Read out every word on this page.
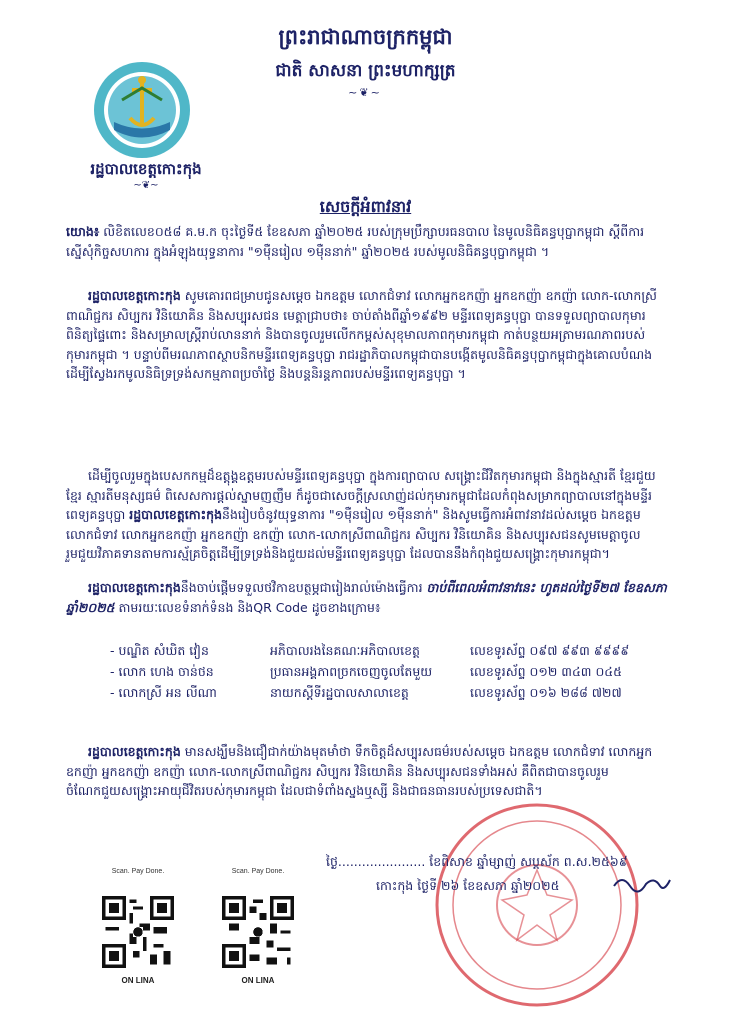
ព្រះរាជាណាចក្រកម្ពុជា
ជាតិ សាសនា ព្រះមហាក្សត្រ
~❦~
រដ្ឋបាលខេត្តកោះកុង
~❦~
សេចក្តីអំពាវនាវ
យោង៖ លិខិតលេខ០៥៨ គ.ម.ក ចុះថ្ងៃទី៥ ខែឧសភា ឆ្នាំ២០២៥ របស់ក្រុមប្រឹក្សាបរធនបាល នៃមូលនិធិគន្ធបុប្ផាកម្ពុជា ស្តីពីការស្នើសុំកិច្ចសហការ ក្នុងអំឡុងយុទ្ធនាការ "១ម៉ឺនរៀល ១ម៉ឺននាក់" ឆ្នាំ២០២៥ របស់មូលនិធិគន្ធបុប្ផាកម្ពុជា ។
រដ្ឋបាលខេត្តកោះកុង សូមគោរពជម្រាបជូនសម្តេច ឯកឧត្តម លោកជំទាវ លោកអ្នកឧកញ៉ា អ្នកឧកញ៉ា ឧកញ៉ា លោក-លោកស្រី ពាណិជ្ជករ សិប្បករ វិនិយោគិន និងសប្បុរសជន មេត្តាជ្រាបថា៖ ចាប់តាំងពីឆ្នាំ១៩៩២ មន្ទីរពេទ្យគន្ធបុប្ផា បានទទួលព្យាបាលកុមារ ពិនិត្យផ្ទៃពោះ និងសម្រាលស្ត្រីរាប់លាននាក់ និងបានចូលរួមលើកកម្ពស់សុខុមាលភាពកុមារកម្ពុជា កាត់បន្ថយអត្រាមរណភាពរបស់កុមារកម្ពុជា ។ បន្ទាប់ពីមរណភាពស្ថាបនិកមន្ទីរពេទ្យគន្ធបុប្ផា រាជរដ្ឋាភិបាលកម្ពុជាបានបង្កើតមូលនិធិគន្ធបុប្ផាកម្ពុជាក្នុងគោលបំណង ដើម្បីស្វែងរកមូលនិធិទ្រទ្រង់សកម្មភាពប្រចាំថ្ងៃ និងបន្តនិរន្តភាពរបស់មន្ទីរពេទ្យគន្ធបុប្ផា ។
ដើម្បីចូលរួមក្នុងបេសកកម្មដ៏ឧត្តុង្គឧត្តមរបស់មន្ទីរពេទ្យគន្ធបុប្ផា ក្នុងការព្យាបាល សង្គ្រោះជីវិតកុមារកម្ពុជា និងក្នុងស្មារតី ខ្មែរជួយខ្មែរ ស្មារតីមនុស្សធម៌ ពិសេសការផ្តល់ស្នាមញញឹម ក៏ដូចជាសេចក្តីស្រលាញ់ដល់កុមារកម្ពុជាដែលកំពុងសម្រាកព្យាបាលនៅក្នុងមន្ទីរពេទ្យគន្ធបុប្ផា រដ្ឋបាលខេត្តកោះកុងនឹងរៀបចំនូវយុទ្ធនាការ "១ម៉ឺនរៀល ១ម៉ឺននាក់" និងសូមធ្វើការអំពាវនាវដល់សម្តេច ឯកឧត្តម លោកជំទាវ លោកអ្នកឧកញ៉ា អ្នកឧកញ៉ា ឧកញ៉ា លោក-លោកស្រីពាណិជ្ជករ សិប្បករ វិនិយោគិន និងសប្បុរសជនសូមមេត្តាចូលរួមជួយវិភាគទានតាមការស្ម័គ្រចិត្តដើម្បីទ្រទ្រង់និងជួយដល់មន្ទីរពេទ្យគន្ធបុប្ផា ដែលបាននឹងកំពុងជួយសង្គ្រោះកុមារកម្ពុជា។
រដ្ឋបាលខេត្តកោះកុងនឹងចាប់ផ្តើមទទួលថវិកាឧបត្ថម្ភជារៀងរាល់ម៉ោងធ្វើការ ចាប់ពីពេលអំពាវនាវនេះ ហូតដល់ថ្ងៃទី២៧ ខែឧសភា ឆ្នាំ២០២៥ តាមរយៈលេខទំនាក់ទំនង និងQR Code ដូចខាងក្រោម៖
- បណ្ឌិត សំឃិត វៀន	អភិបាលរងនៃគណៈអភិបាលខេត្ត	លេខទូរស័ព្ទ ០៩៧ ៩៩៣ ៩៩៩៩
- លោក ហេង ចាន់ថន	ប្រធានអង្គភាពច្រកចេញចូលតែមួយ	លេខទូរស័ព្ទ ០១២ ៣៤៣ ០៤៥
- លោកស្រី អន លីណា	នាយកស្តីទីរដ្ឋបាលសាលាខេត្ត	លេខទូរស័ព្ទ ០១៦ ២៨៨ ៧២៧
រដ្ឋបាលខេត្តកោះកុង មានសង្ឃឹមនិងជឿជាក់យ៉ាងមុតមាំថា ទឹកចិត្តដ៏សប្បុរសធម៌របស់សម្តេច ឯកឧត្តម លោកជំទាវ លោកអ្នកឧកញ៉ា អ្នកឧកញ៉ា ឧកញ៉ា លោក-លោកស្រីពាណិជ្ជករ សិប្បករ វិនិយោគិន និងសប្បុរសជនទាំងអស់ គឺពិតជាបានចូលរួមចំណែកជួយសង្គ្រោះអាយុជីវិតរបស់កុមារកម្ពុជា ដែលជាទំពាំងស្នងឬស្សី និងជាធនធានរបស់ប្រទេសជាតិ។
ថ្ងៃ...................... ខែពិសាខ ឆ្នាំម្សាញ់ សប្តស័ក ព.ស.២៥៦៩
កោះកុង ថ្ងៃទី ២៦ ខែឧសភា ឆ្នាំ២០២៥
Scan. Pay Done.
ON LINA
Scan. Pay Done.
ON LINA
